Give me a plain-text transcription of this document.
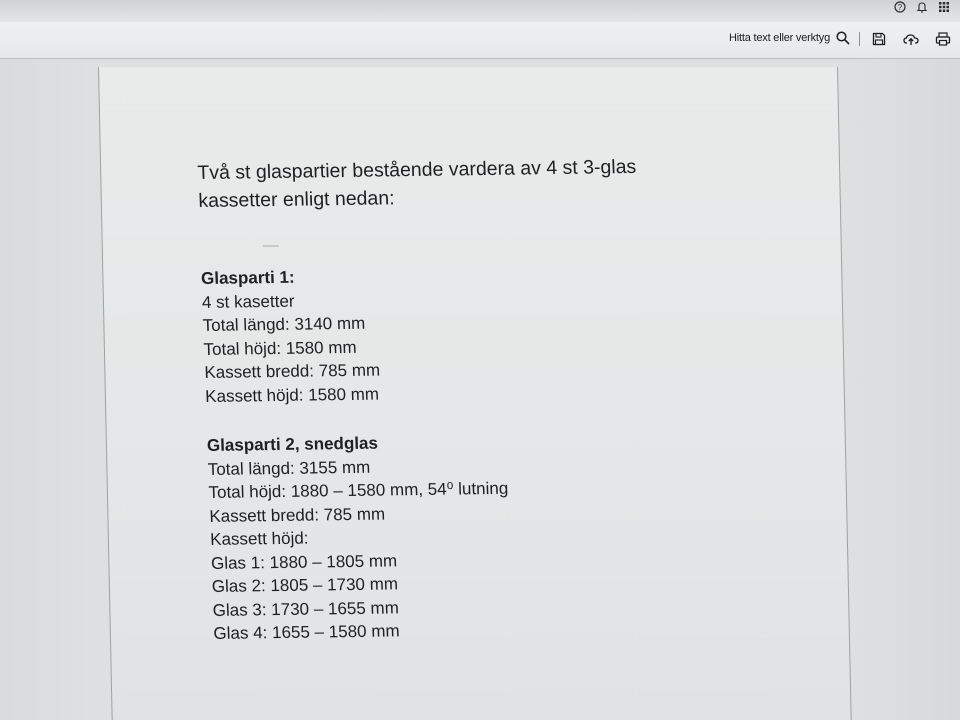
?
Hitta text eller verktyg

Två st glaspartier bestående vardera av 4 st 3-glas kassetter enligt nedan:

Glasparti 1:
4 st kasetter
Total längd: 3140 mm
Total höjd: 1580 mm
Kassett bredd: 785 mm
Kassett höjd: 1580 mm
Glasparti 2, snedglas
Total längd: 3155 mm
Total höjd: 1880 – 1580 mm, 54⁰ lutning
Kassett bredd: 785 mm
Kassett höjd:
Glas 1: 1880 – 1805 mm
Glas 2: 1805 – 1730 mm
Glas 3: 1730 – 1655 mm
Glas 4: 1655 – 1580 mm
